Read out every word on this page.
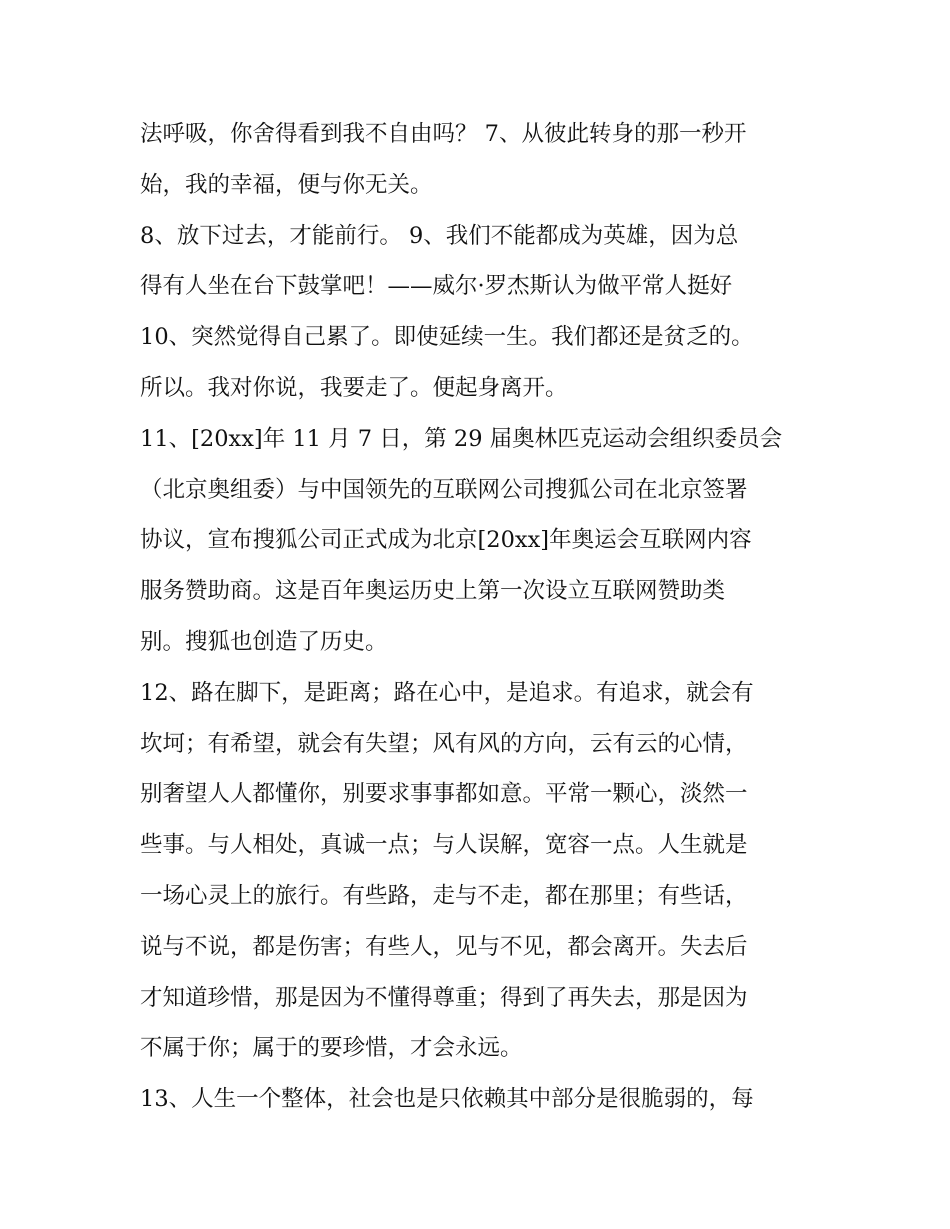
法呼吸，你舍得看到我不自由吗？ 7、从彼此转身的那一秒开
始，我的幸福，便与你无关。
8、放下过去，才能前行。 9、我们不能都成为英雄，因为总
得有人坐在台下鼓掌吧！——威尔·罗杰斯认为做平常人挺好
10、突然觉得自己累了。即使延续一生。我们都还是贫乏的。
所以。我对你说，我要走了。便起身离开。
11、[20xx]年 11 月 7 日，第 29 届奥林匹克运动会组织委员会
（北京奥组委）与中国领先的互联网公司搜狐公司在北京签署
协议，宣布搜狐公司正式成为北京[20xx]年奥运会互联网内容
服务赞助商。这是百年奥运历史上第一次设立互联网赞助类
别。搜狐也创造了历史。
12、路在脚下，是距离；路在心中，是追求。有追求，就会有
坎坷；有希望，就会有失望；风有风的方向，云有云的心情，
别奢望人人都懂你，别要求事事都如意。平常一颗心，淡然一
些事。与人相处，真诚一点；与人误解，宽容一点。人生就是
一场心灵上的旅行。有些路，走与不走，都在那里；有些话，
说与不说，都是伤害；有些人，见与不见，都会离开。失去后
才知道珍惜，那是因为不懂得尊重；得到了再失去，那是因为
不属于你；属于的要珍惜，才会永远。
13、人生一个整体，社会也是只依赖其中部分是很脆弱的，每
